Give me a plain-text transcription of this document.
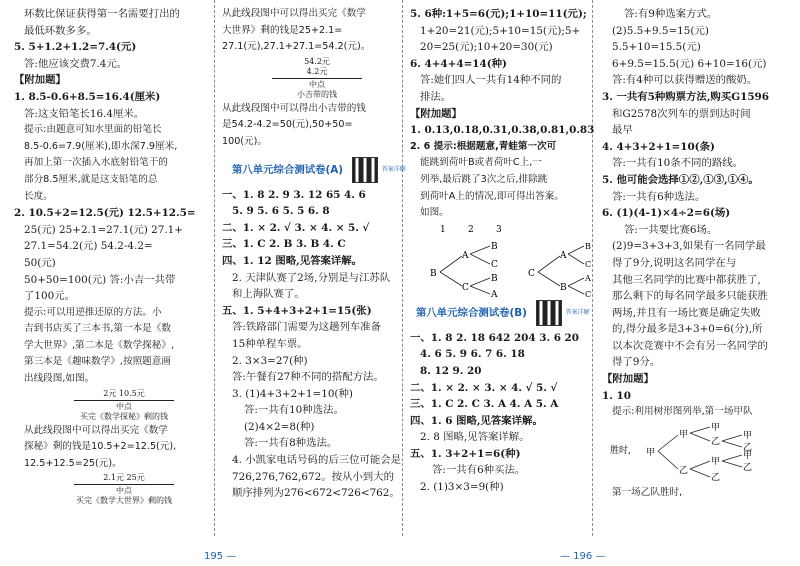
环数比保证获得第一名需要打出的

最低环数多多。

5. 5+1.2+1.2=7.4(元)

答:他应该交费7.4元。

【附加题】

1. 8.5-0.6+8.5=16.4(厘米)

答:这支铅笔长16.4厘米。

提示:由题意可知水里面的铅笔长

8.5-0.6=7.9(厘米),即水深7.9厘米,

再加上第一次插入水底射铅笔干的

部分8.5厘米,就是这支铅笔的总

长度。

2. 10.5+2=12.5(元) 12.5+12.5=

25(元) 25+2.1=27.1(元) 27.1+

27.1=54.2(元) 54.2-4.2=

50(元)

50+50=100(元) 答:小吉一共带

了100元。

提示:可以用逆推还原的方法。小

吉到书店买了三本书,第一本是《数

学大世界》,第二本是《数学探秘》,

第三本是《趣味数学》,按照题意画

出线段图,如图。

2元 10.5元
中点
买完《数学探秘》剩的钱

从此线段图中可以得出买完《数学

探秘》剩的钱是10.5+2=12.5(元),

12.5+12.5=25(元)。

2.1元 25元
中点
买完《数学大世界》剩的钱

从此线段图中可以得出买完《数学

大世界》剩的钱是25+2.1=

27.1(元),27.1+27.1=54.2(元)。

54.2元
4.2元
中点
小吉带的钱

从此线段图中可以得出小吉带的钱

是54.2-4.2=50(元),50+50=

100(元)。

第八单元综合测试卷(A)	答案详解

一、1. 8 2. 9 3. 12 65 4. 6

5. 9 5. 6 5. 5 6. 8

二、1. × 2. √ 3. × 4. × 5. √

三、1. C 2. B 3. B 4. C

四、1. 12 图略,见答案详解。

2. 天津队赛了2场,分别是与江苏队

和上海队赛了。

五、1. 5+4+3+2+1=15(张)

答:铁路部门需要为这趟列车准备

15种单程车票。

2. 3×3=27(种)

答:午餐有27种不同的搭配方法。

3. (1)4+3+2+1=10(种)

答:一共有10种选法。

(2)4×2=8(种)

答:一共有8种选法。

4. 小凯家电话号码的后三位可能会是

726,276,762,672。按从小到大的

顺序排列为276<672<726<762。

5. 6种:1+5=6(元);1+10=11(元);

1+20=21(元);5+10=15(元);5+

20=25(元);10+20=30(元)

6. 4+4+4=14(种)

答:她们四人一共有14种不同的

排法。

【附加题】

1. 0.13,0.18,0.31,0.38,0.81,0.83

2. 6 提示:根据题意,青蛙第一次可

能跳到荷叶B或者荷叶C上,一

列举,最后跳了3次之后,排除跳

到荷叶A上的情况,即可得出答案。

如图。

1 2 3
B
A
C
B
C
B
A
C
A
B
B
C
A
C

第八单元综合测试卷(B)	答案详解

一、1. 8 2. 18 642 204 3. 6 20

4. 6 5. 9 6. 7 6. 18

8. 12 9. 20

二、1. × 2. × 3. × 4. √ 5. √

三、1. C 2. C 3. A 4. A 5. A

四、1. 6 图略,见答案详解。

2. 8 图略,见答案详解。

五、1. 3+2+1=6(种)

答:一共有6种买法。

2. (1)3×3=9(种)

答:有9种选案方式。

(2)5.5+9.5=15(元)

5.5+10=15.5(元)

6+9.5=15.5(元) 6+10=16(元)

答:有4种可以获得赠送的酸奶。

3. 一共有5种购票方法,购买G1596

和G2578次列车的票到达时间

最早

4. 4+3+2+1=10(条)

答:一共有10条不同的路线。

5. 他可能会选择①②,①③,①④。

答:一共有6种选法。

6. (1)(4-1)×4÷2=6(场)

答:一共要比赛6场。

(2)9=3+3+3,如果有一名同学最

得了9分,说明这名同学在与

其他三名同学的比赛中都获胜了,

那么剩下的每名同学最多只能获胜

两场,并且有一场比赛是确定失败

的,得分最多是3+3+0=6(分),所

以本次竞赛中不会有另一名同学的

得了9分。

【附加题】

1. 10

提示:利用树形图列举,第一场甲队

胜时, 甲
甲
乙
甲
乙
甲
乙
甲
乙
甲
乙

第一场乙队胜时,

195 —	— 196 —
